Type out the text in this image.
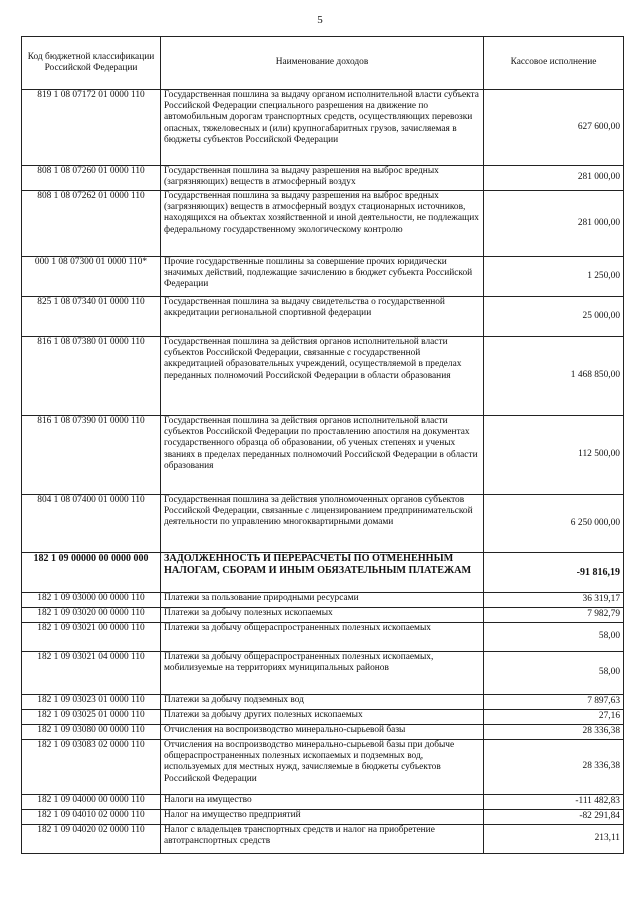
5
Код бюджетной классификации Российской Федерации	Наименование доходов	Кассовое исполнение
819 1 08 07172 01 0000 110	Государственная пошлина за выдачу органом исполнительной власти субъекта Российской Федерации специального разрешения на движение по автомобильным дорогам транспортных средств, осуществляющих перевозки опасных, тяжеловесных и (или) крупногабаритных грузов, зачисляемая в бюджеты субъектов Российской Федерации	627 600,00
808 1 08 07260 01 0000 110	Государственная пошлина за выдачу разрешения на выброс вредных (загрязняющих) веществ в атмосферный воздух	281 000,00
808 1 08 07262 01 0000 110	Государственная пошлина за выдачу разрешения на выброс вредных (загрязняющих) веществ в атмосферный воздух стационарных источников, находящихся на объектах хозяйственной и иной деятельности, не подлежащих федеральному государственному экологическому контролю	281 000,00
000 1 08 07300 01 0000 110*	Прочие государственные пошлины за совершение прочих юридически значимых действий, подлежащие зачислению в бюджет субъекта Российской Федерации	1 250,00
825 1 08 07340 01 0000 110	Государственная пошлина за выдачу свидетельства о государственной аккредитации региональной спортивной федерации	25 000,00
816 1 08 07380 01 0000 110	Государственная пошлина за действия органов исполнительной власти субъектов Российской Федерации, связанные с государственной аккредитацией образовательных учреждений, осуществляемой в пределах переданных полномочий Российской Федерации в области образования	1 468 850,00
816 1 08 07390 01 0000 110	Государственная пошлина за действия органов исполнительной власти субъектов Российской Федерации по проставлению апостиля на документах государственного образца об образовании, об ученых степенях и ученых званиях в пределах переданных полномочий Российской Федерации в области образования	112 500,00
804 1 08 07400 01 0000 110	Государственная пошлина за действия уполномоченных органов субъектов Российской Федерации, связанные с лицензированием предпринимательской деятельности по управлению многоквартирными домами	6 250 000,00
182 1 09 00000 00 0000 000	ЗАДОЛЖЕННОСТЬ И ПЕРЕРАСЧЕТЫ ПО ОТМЕНЕННЫМ НАЛОГАМ, СБОРАМ И ИНЫМ ОБЯЗАТЕЛЬНЫМ ПЛАТЕЖАМ	-91 816,19
182 1 09 03000 00 0000 110	Платежи за пользование природными ресурсами	36 319,17
182 1 09 03020 00 0000 110	Платежи за добычу полезных ископаемых	7 982,79
182 1 09 03021 00 0000 110	Платежи за добычу общераспространенных полезных ископаемых	58,00
182 1 09 03021 04 0000 110	Платежи за добычу общераспространенных полезных ископаемых, мобилизуемые на территориях муниципальных районов	58,00
182 1 09 03023 01 0000 110	Платежи за добычу подземных вод	7 897,63
182 1 09 03025 01 0000 110	Платежи за добычу других полезных ископаемых	27,16
182 1 09 03080 00 0000 110	Отчисления на воспроизводство минерально-сырьевой базы	28 336,38
182 1 09 03083 02 0000 110	Отчисления на воспроизводство минерально-сырьевой базы при добыче общераспространенных полезных ископаемых и подземных вод, используемых для местных нужд, зачисляемые в бюджеты субъектов Российской Федерации	28 336,38
182 1 09 04000 00 0000 110	Налоги на имущество	-111 482,83
182 1 09 04010 02 0000 110	Налог на имущество предприятий	-82 291,84
182 1 09 04020 02 0000 110	Налог с владельцев транспортных средств и налог на приобретение автотранспортных средств	213,11
